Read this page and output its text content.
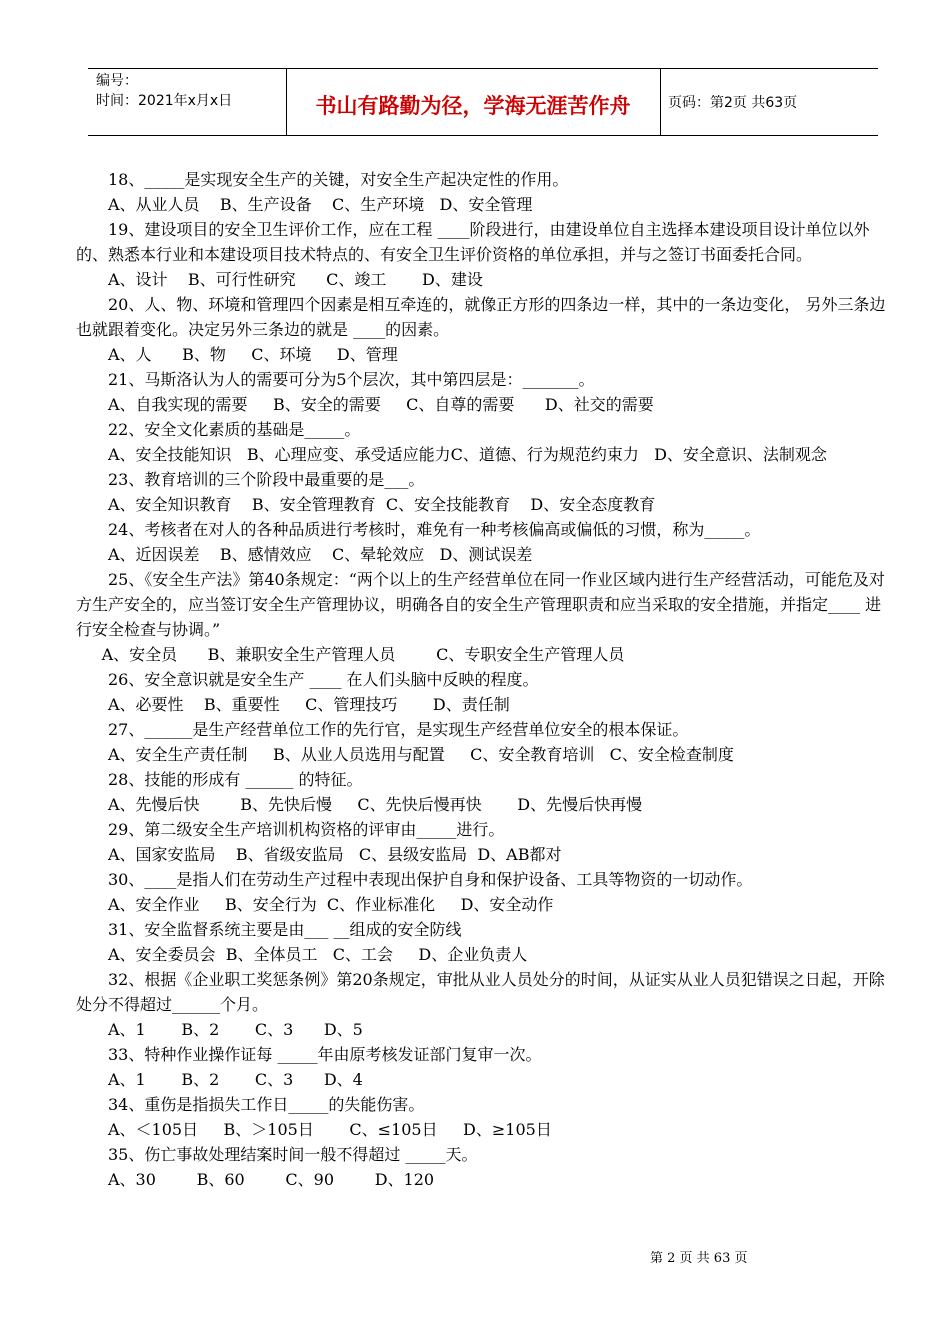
编号：
时间：2021年x月x日	书山有路勤为径，学海无涯苦作舟	页码：第2页 共63页

18、_____是实现安全生产的关键，对安全生产起决定性的作用。

A、从业人员    B、生产设备    C、生产环境   D、安全管理

19、建设项目的安全卫生评价工作，应在工程 ____阶段进行，由建设单位自主选择本建设项目设计单位以外的、熟悉本行业和本建设项目技术特点的、有安全卫生评价资格的单位承担，并与之签订书面委托合同。

A、设计    B、可行性研究      C、竣工       D、建设

20、人、物、环境和管理四个因素是相互牵连的，就像正方形的四条边一样，其中的一条边变化， 另外三条边也就跟着变化。决定另外三条边的就是 ____的因素。

A、人      B、物     C、环境     D、管理

21、马斯洛认为人的需要可分为5个层次，其中第四层是：_______。

A、自我实现的需要     B、安全的需要     C、自尊的需要      D、社交的需要

22、安全文化素质的基础是_____。

A、安全技能知识   B、心理应变、承受适应能力C、道德、行为规范约束力   D、安全意识、法制观念

23、教育培训的三个阶段中最重要的是___。

A、安全知识教育    B、安全管理教育  C、安全技能教育    D、安全态度教育

24、考核者在对人的各种品质进行考核时，难免有一种考核偏高或偏低的习惯，称为_____。

A、近因误差    B、感情效应    C、晕轮效应   D、测试误差

25、《安全生产法》第40条规定：“两个以上的生产经营单位在同一作业区域内进行生产经营活动，可能危及对方生产安全的，应当签订安全生产管理协议，明确各自的安全生产管理职责和应当采取的安全措施，并指定____ 进行安全检查与协调。”

A、安全员      B、兼职安全生产管理人员        C、专职安全生产管理人员

26、安全意识就是安全生产 ____ 在人们头脑中反映的程度。

A、必要性    B、重要性     C、管理技巧       D、责任制

27、______是生产经营单位工作的先行官，是实现生产经营单位安全的根本保证。

A、安全生产责任制     B、从业人员选用与配置     C、安全教育培训   C、安全检查制度

28、技能的形成有 ______ 的特征。

A、先慢后快        B、先快后慢     C、先快后慢再快       D、先慢后快再慢

29、第二级安全生产培训机构资格的评审由_____进行。

A、国家安监局    B、省级安监局   C、县级安监局  D、AB都对

30、____是指人们在劳动生产过程中表现出保护自身和保护设备、工具等物资的一切动作。

A、安全作业     B、安全行为  C、作业标准化     D、安全动作

31、安全监督系统主要是由___ __组成的安全防线

A、安全委员会  B、全体员工   C、工会     D、企业负责人

32、根据《企业职工奖惩条例》第20条规定，审批从业人员处分的时间，从证实从业人员犯错误之日起，开除处分不得超过______个月。

A、1       B、2       C、3      D、5

33、特种作业操作证每 _____年由原考核发证部门复审一次。

A、1       B、2       C、3      D、4

34、重伤是指损失工作日_____的失能伤害。

A、＜105日     B、＞105日       C、≤105日     D、≥105日

35、伤亡事故处理结案时间一般不得超过 _____天。

A、30        B、60        C、90        D、120

第 2 页 共 63 页
